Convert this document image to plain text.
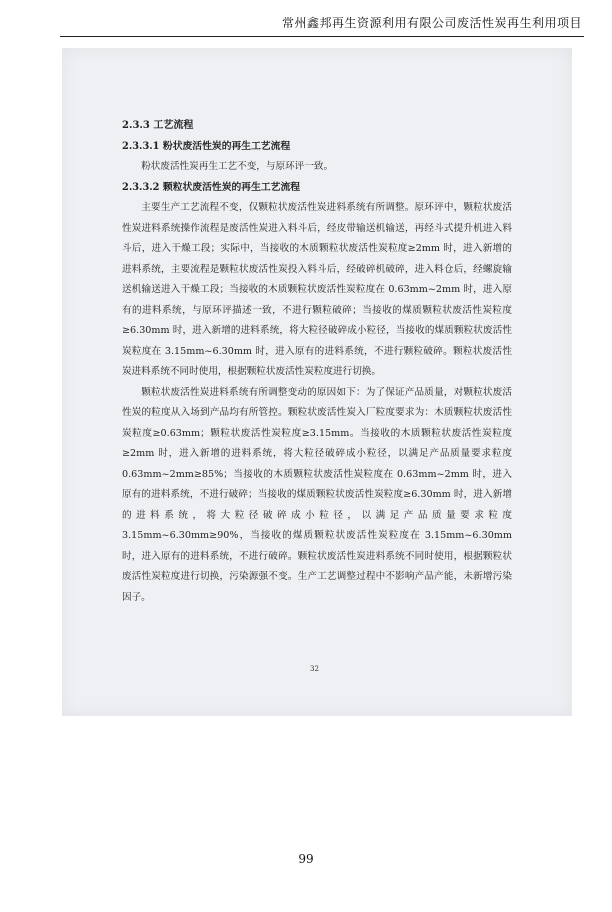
常州鑫邦再生资源利用有限公司废活性炭再生利用项目

2.3.3 工艺流程

2.3.3.1 粉状废活性炭的再生工艺流程

粉状废活性炭再生工艺不变，与原环评一致。

2.3.3.2 颗粒状废活性炭的再生工艺流程

主要生产工艺流程不变，仅颗粒状废活性炭进料系统有所调整。原环评中，颗粒状废活性炭进料系统操作流程是废活性炭进入料斗后，经皮带输送机输送，再经斗式提升机进入料斗后，进入干燥工段；实际中，当接收的木质颗粒状废活性炭粒度≥2mm 时，进入新增的进料系统，主要流程是颗粒状废活性炭投入料斗后，经破碎机破碎，进入料仓后，经螺旋输送机输送进入干燥工段；当接收的木质颗粒状废活性炭粒度在 0.63mm~2mm 时，进入原有的进料系统，与原环评描述一致，不进行颗粒破碎；当接收的煤质颗粒状废活性炭粒度≥6.30mm 时，进入新增的进料系统，将大粒径破碎成小粒径，当接收的煤质颗粒状废活性炭粒度在 3.15mm~6.30mm 时，进入原有的进料系统，不进行颗粒破碎。颗粒状废活性炭进料系统不同时使用，根据颗粒状废活性炭粒度进行切换。

颗粒状废活性炭进料系统有所调整变动的原因如下：为了保证产品质量，对颗粒状废活性炭的粒度从入场到产品均有所管控。颗粒状废活性炭入厂粒度要求为：木质颗粒状废活性炭粒度≥0.63mm；颗粒状废活性炭粒度≥3.15mm。当接收的木质颗粒状废活性炭粒度≥2mm 时，进入新增的进料系统，将大粒径破碎成小粒径，以满足产品质量要求粒度 0.63mm~2mm≥85%；当接收的木质颗粒状废活性炭粒度在 0.63mm~2mm 时，进入原有的进料系统，不进行破碎；当接收的煤质颗粒状废活性炭粒度≥6.30mm 时，进入新增的进料系统，将大粒径破碎成小粒径，以满足产品质量要求粒度 3.15mm~6.30mm≥90%，当接收的煤质颗粒状废活性炭粒度在 3.15mm~6.30mm 时，进入原有的进料系统，不进行破碎。颗粒状废活性炭进料系统不同时使用，根据颗粒状废活性炭粒度进行切换，污染源强不变。生产工艺调整过程中不影响产品产能，未新增污染因子。

32
99
